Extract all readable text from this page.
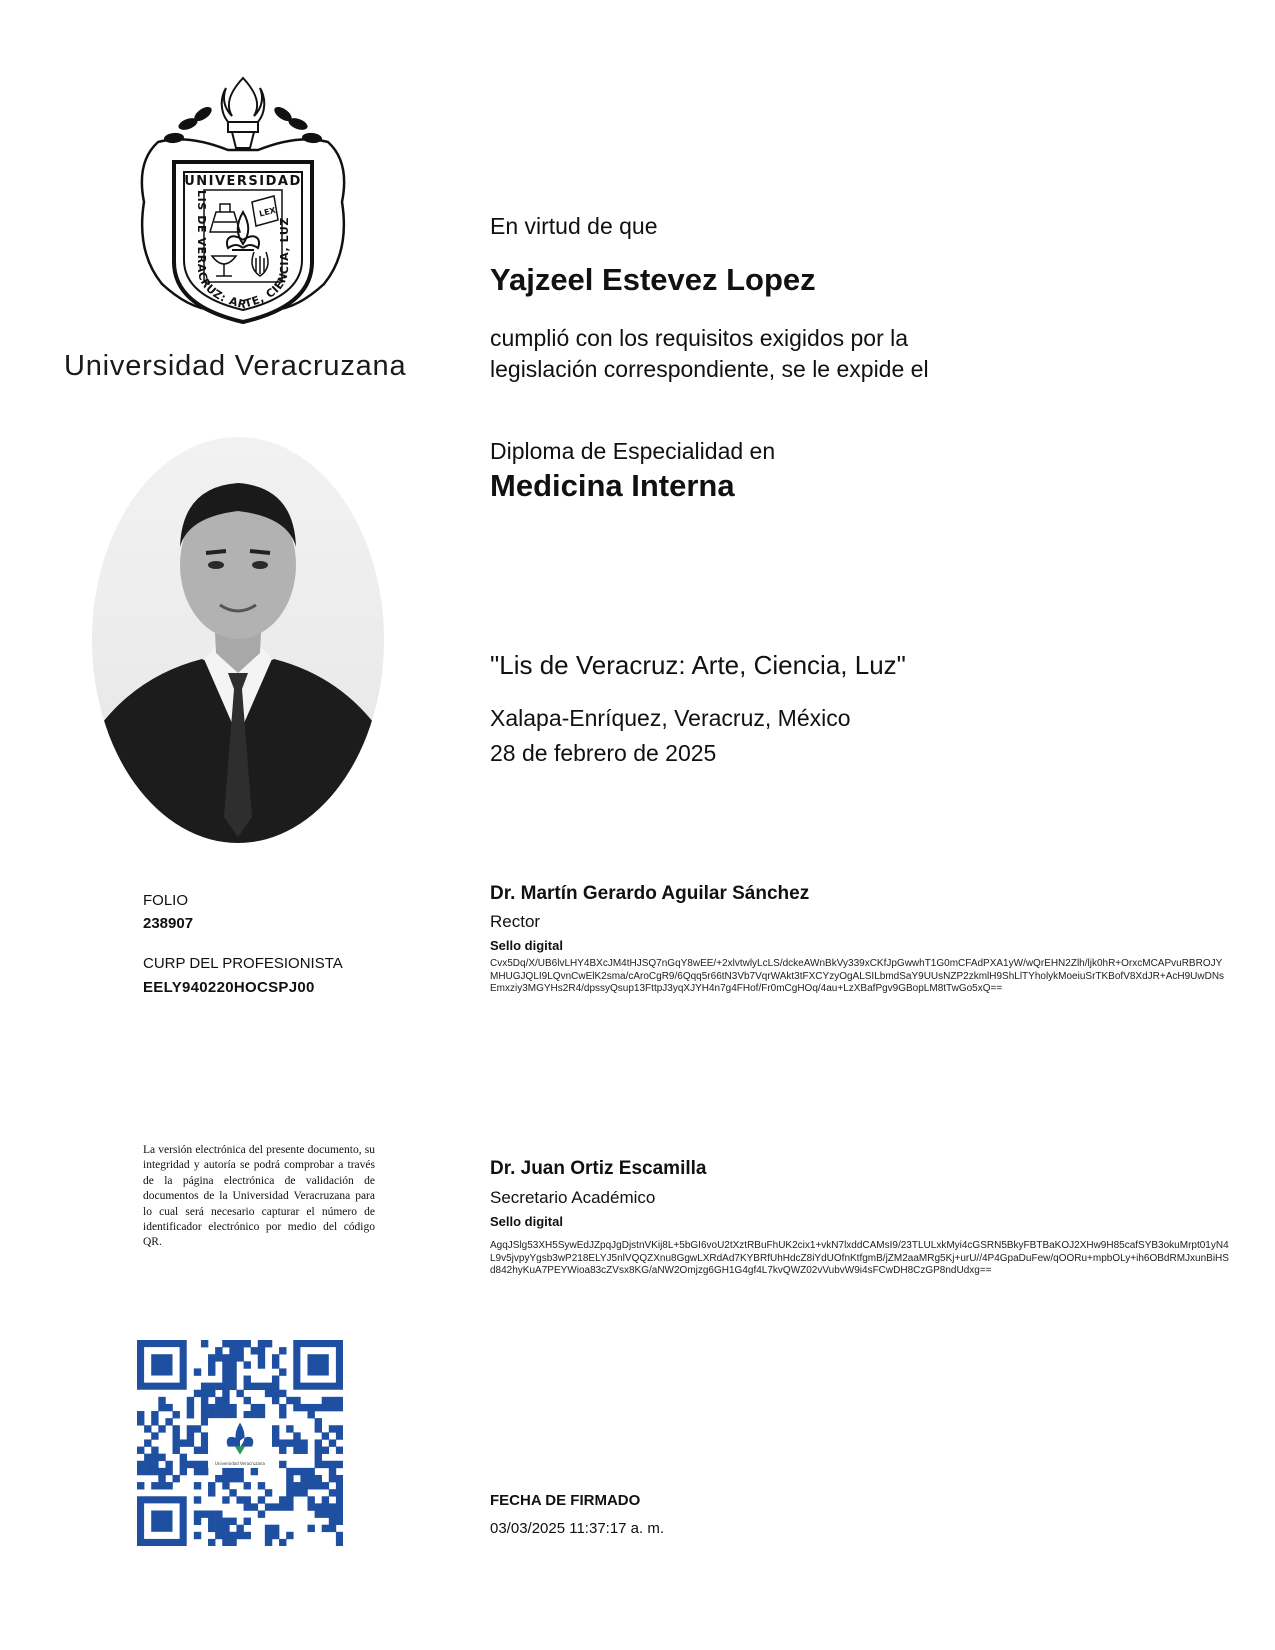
LEX
UNIVERSIDAD
LIS DE VERACRUZ: ARTE, CIENCIA, LUZ
Universidad Veracruzana
En virtud de que
Yajzeel Estevez Lopez
cumplió con los requisitos exigidos por la
legislación correspondiente, se le expide el
Diploma de Especialidad en
Medicina Interna
"Lis de Veracruz: Arte, Ciencia, Luz"
Xalapa-Enríquez, Veracruz, México
28 de febrero de 2025
FOLIO
238907
CURP DEL PROFESIONISTA
EELY940220HOCSPJ00
Dr. Martín Gerardo Aguilar Sánchez
Rector
Sello digital
Cvx5Dq/X/UB6lvLHY4BXcJM4tHJSQ7nGqY8wEE/+2xlvtwlyLcLS/dckeAWnBkVy339xCKfJpGwwhT1G0mCFAdPXA1yW/wQrEHN2Zlh/ljk0hR+OrxcMCAPvuRBROJYMHUGJQLI9LQvnCwElK2sma/cAroCgR9/6Qqq5r66tN3Vb7VqrWAkt3tFXCYzyOgALSILbmdSaY9UUsNZP2zkmlH9ShLlTYholykMoeiuSrTKBofV8XdJR+AcH9UwDNsEmxziy3MGYHs2R4/dpssyQsup13FttpJ3yqXJYH4n7g4FHof/Fr0mCgHOq/4au+LzXBafPgv9GBopLM8tTwGo5xQ==
La versión electrónica del presente documento, su integridad y autoría se podrá comprobar a través de la página electrónica de validación de documentos de la Universidad Veracruzana para lo cual será necesario capturar el número de identificador electrónico por medio del código QR.
Dr. Juan Ortiz Escamilla
Secretario Académico
Sello digital
AgqJSlg53XH5SywEdJZpqJgDjstnVKij8L+5bGI6voU2tXztRBuFhUK2cix1+vkN7lxddCAMsI9/23TLULxkMyi4cGSRN5BkyFBTBaKOJ2XHw9H85cafSYB3okuMrpt01yN4L9v5jvpyYgsb3wP218ELYJ5nlVQQZXnu8GgwLXRdAd7KYBRfUhHdcZ8iYdUOfnKtfgmB/jZM2aaMRg5Kj+urU//4P4GpaDuFew/qOORu+mpbOLy+ih6OBdRMJxunBiHSd842hyKuA7PEYWioa83cZVsx8KG/aNW2Omjzg6GH1G4gf4L7kvQWZ02vVubvW9i4sFCwDH8CzGP8ndUdxg==
Universidad Veracruzana
FECHA DE FIRMADO
03/03/2025 11:37:17 a. m.
